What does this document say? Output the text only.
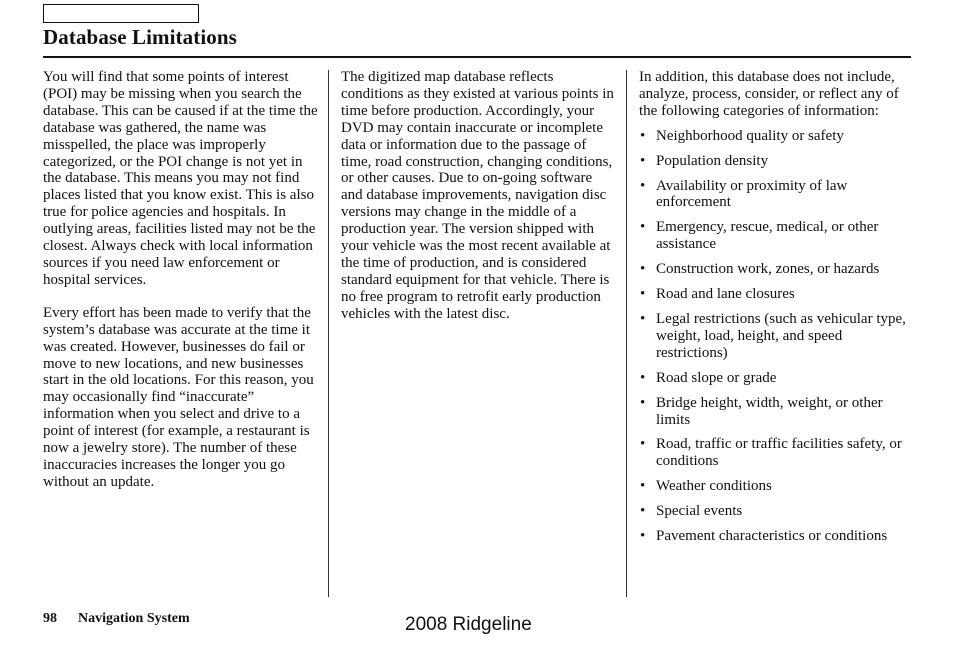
Database Limitations

You will find that some points of interest (POI) may be missing when you search the database. This can be caused if at the time the database was gathered, the name was misspelled, the place was improperly categorized, or the POI change is not yet in the database. This means you may not find places listed that you know exist. This is also true for police agencies and hospitals. In outlying areas, facilities listed may not be the closest. Always check with local information sources if you need law enforcement or hospital services.

Every effort has been made to verify that the system’s database was accurate at the time it was created. However, businesses do fail or move to new locations, and new businesses start in the old locations. For this reason, you may occasionally find “inaccurate” information when you select and drive to a point of interest (for example, a restaurant is now a jewelry store). The number of these inaccuracies increases the longer you go without an update.

The digitized map database reflects conditions as they existed at various points in time before production. Accordingly, your DVD may contain inaccurate or incomplete data or information due to the passage of time, road construction, changing conditions, or other causes. Due to on-going software and database improvements, navigation disc versions may change in the middle of a production year. The version shipped with your vehicle was the most recent available at the time of production, and is considered standard equipment for that vehicle. There is no free program to retrofit early production vehicles with the latest disc.

In addition, this database does not include, analyze, process, consider, or reflect any of the following categories of information:

• Neighborhood quality or safety
• Population density
• Availability or proximity of law enforcement
• Emergency, rescue, medical, or other assistance
• Construction work, zones, or hazards
• Road and lane closures
• Legal restrictions (such as vehicular type, weight, load, height, and speed restrictions)
• Road slope or grade
• Bridge height, width, weight, or other limits
• Road, traffic or traffic facilities safety, or conditions
• Weather conditions
• Special events
• Pavement characteristics or conditions
98 Navigation System	2008 Ridgeline
